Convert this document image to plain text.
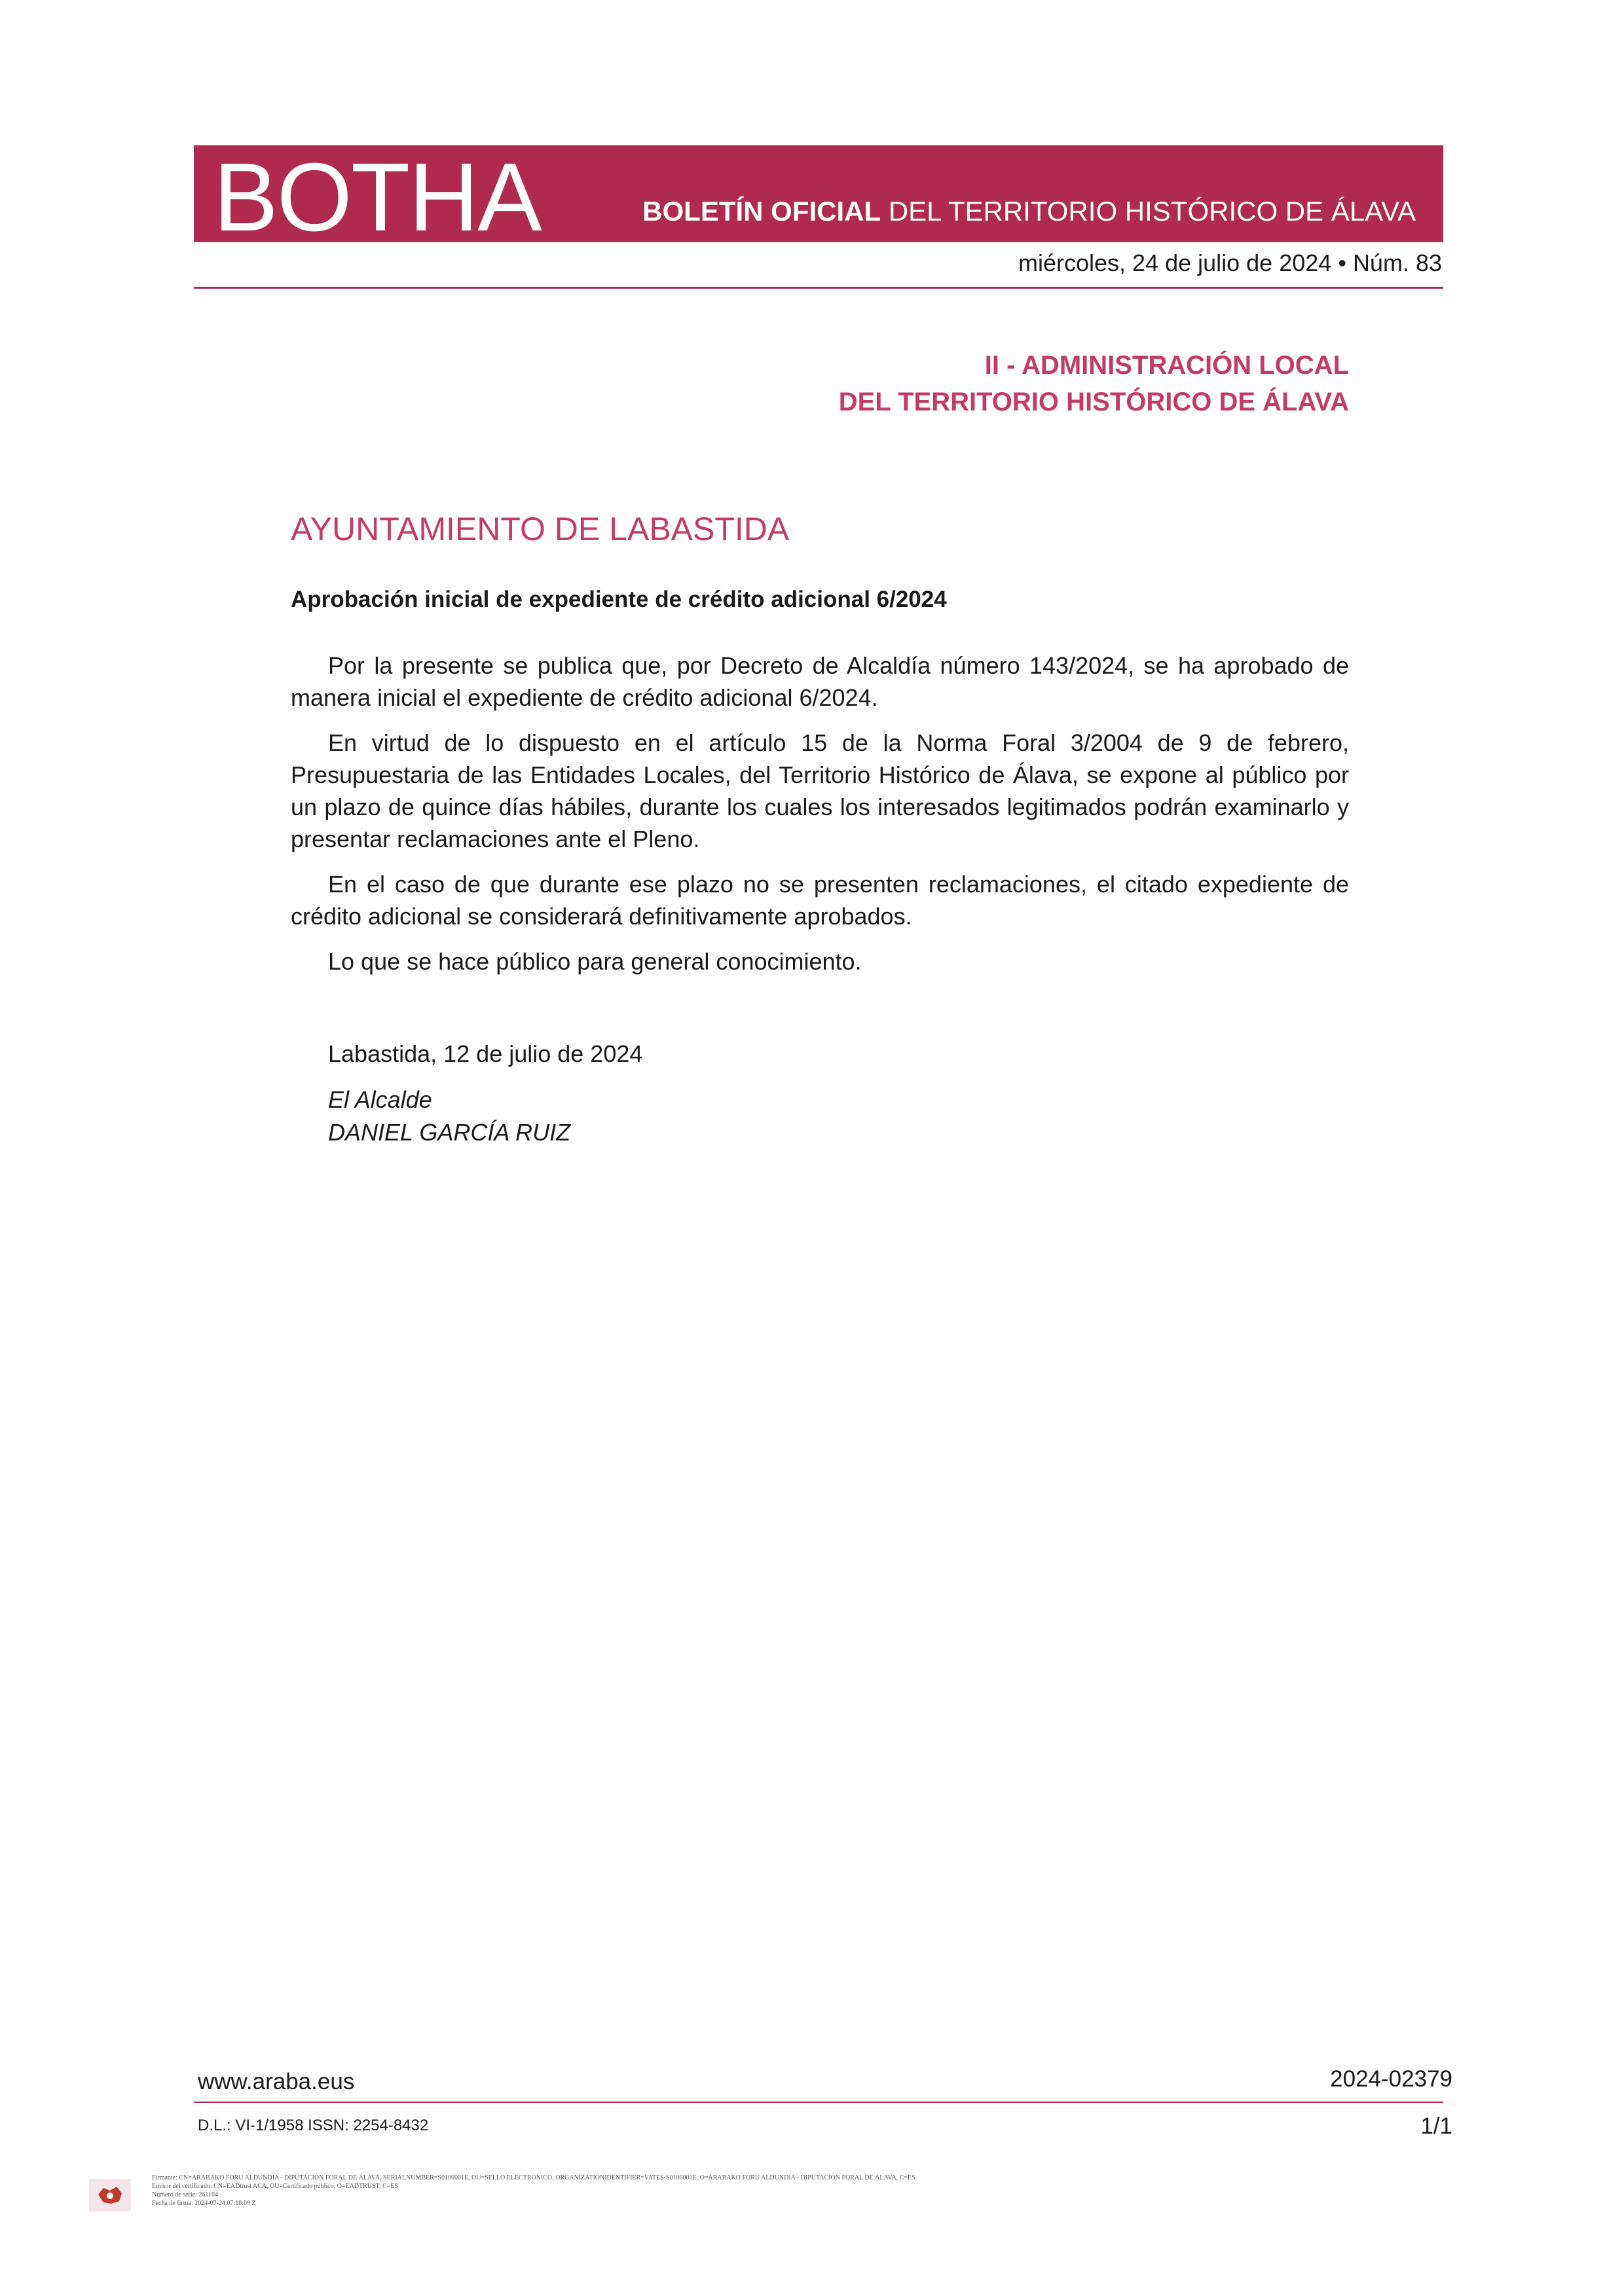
BOTHA	BOLETÍN OFICIAL DEL TERRITORIO HISTÓRICO DE ÁLAVA
miércoles, 24 de julio de 2024 • Núm. 83
II - ADMINISTRACIÓN LOCAL
DEL TERRITORIO HISTÓRICO DE ÁLAVA
AYUNTAMIENTO DE LABASTIDA
Aprobación inicial de expediente de crédito adicional 6/2024

Por la presente se publica que, por Decreto de Alcaldía número 143/2024, se ha aprobado de manera inicial el expediente de crédito adicional 6/2024.

En virtud de lo dispuesto en el artículo 15 de la Norma Foral 3/2004 de 9 de febrero, Presupuestaria de las Entidades Locales, del Territorio Histórico de Álava, se expone al público por un plazo de quince días hábiles, durante los cuales los interesados legitimados podrán examinarlo y presentar reclamaciones ante el Pleno.

En el caso de que durante ese plazo no se presenten reclamaciones, el citado expediente de crédito adicional se considerará definitivamente aprobados.

Lo que se hace público para general conocimiento.

Labastida, 12 de julio de 2024
El Alcalde
DANIEL GARCÍA RUIZ
www.araba.eus	2024-02379
D.L.: VI-1/1958 ISSN: 2254-8432	1/1
Firmante: CN=ARABAKO FORU ALDUNDIA - DIPUTACIÓN FORAL DE ÁLAVA, SERIALNUMBER=S0100001E, OU=SELLO ELECTRÓNICO, ORGANIZATIONIDENTIFIER=VATES-S0100001E, O=ARABAKO FORU ALDUNDIA - DIPUTACIÓN FORAL DE ÁLAVA, C=ES
Emisor del certificado: CN=EADtrust ACA, OU=Certificado público, O=EADTRUST, C=ES
Número de serie: 261104
Fecha de firma: 2024-07-24 07:18:09 Z
